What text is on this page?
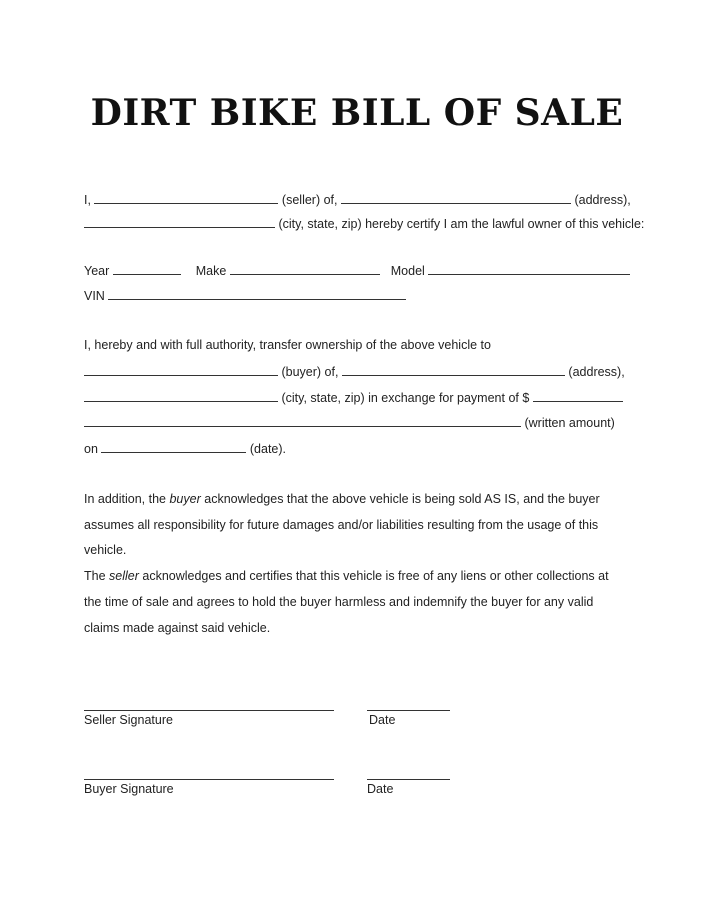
DIRT BIKE BILL OF SALE
I,	(seller) of,	(address),
(city, state, zip) hereby certify I am the lawful owner of this vehicle:
Year	Make	Model
VIN
I, hereby and with full authority, transfer ownership of the above vehicle to
(buyer) of,	(address),
(city, state, zip) in exchange for payment of $
(written amount)
on	(date).
In addition, the buyer acknowledges that the above vehicle is being sold AS IS, and the buyer
assumes all responsibility for future damages and/or liabilities resulting from the usage of this
vehicle.
The seller acknowledges and certifies that this vehicle is free of any liens or other collections at
the time of sale and agrees to hold the buyer harmless and indemnify the buyer for any valid
claims made against said vehicle.
Seller Signature	Date
Buyer Signature	Date
